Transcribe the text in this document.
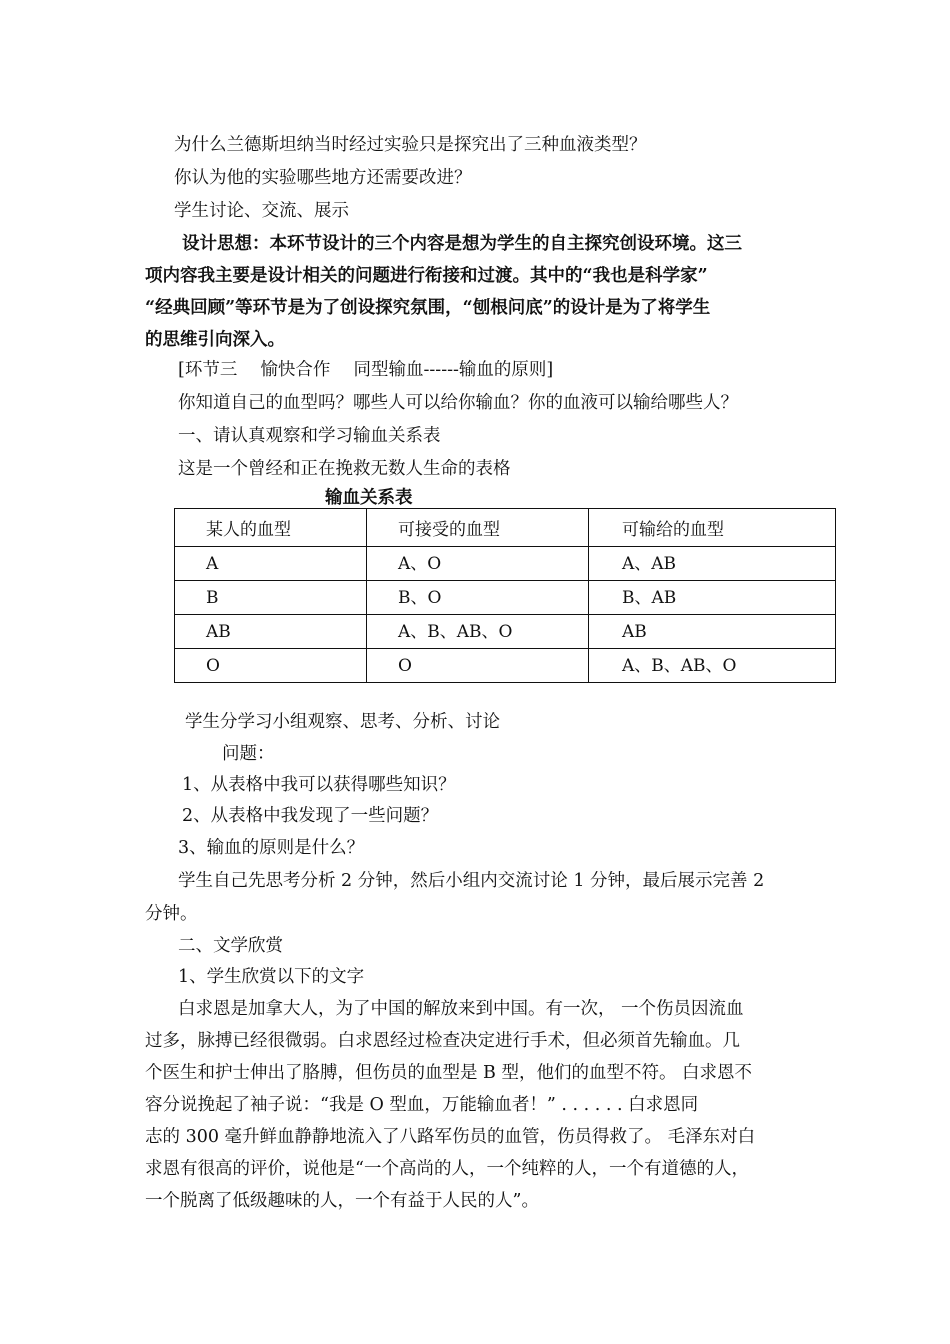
为什么兰德斯坦纳当时经过实验只是探究出了三种血液类型？
你认为他的实验哪些地方还需要改进？
学生讨论、交流、展示
设计思想：本环节设计的三个内容是想为学生的自主探究创设环境。这三
项内容我主要是设计相关的问题进行衔接和过渡。其中的“我也是科学家”
“经典回顾”等环节是为了创设探究氛围，“刨根问底”的设计是为了将学生
的思维引向深入。
[环节三　 愉快合作　 同型输血------输血的原则]
你知道自己的血型吗？哪些人可以给你输血？你的血液可以输给哪些人？
一、请认真观察和学习输血关系表
这是一个曾经和正在挽救无数人生命的表格
输血关系表
某人的血型	可接受的血型	可输给的血型
A	A、O	A、AB
B	B、O	B、AB
AB	A、B、AB、O	AB
O	O	A、B、AB、O
学生分学习小组观察、思考、分析、讨论
问题：
1、从表格中我可以获得哪些知识？
2、从表格中我发现了一些问题？
3、输血的原则是什么？
学生自己先思考分析 2 分钟，然后小组内交流讨论 1 分钟，最后展示完善 2
分钟。
二、文学欣赏
1、学生欣赏以下的文字
白求恩是加拿大人，为了中国的解放来到中国。有一次， 一个伤员因流血
过多，脉搏已经很微弱。白求恩经过检查决定进行手术，但必须首先输血。几
个医生和护士伸出了胳膊，但伤员的血型是 B 型，他们的血型不符。 白求恩不
容分说挽起了袖子说：“我是 O 型血，万能输血者！” . . . . . . 白求恩同
志的 300 毫升鲜血静静地流入了八路军伤员的血管，伤员得救了。 毛泽东对白
求恩有很高的评价，说他是“一个高尚的人，一个纯粹的人，一个有道德的人，
一个脱离了低级趣味的人，一个有益于人民的人”。
